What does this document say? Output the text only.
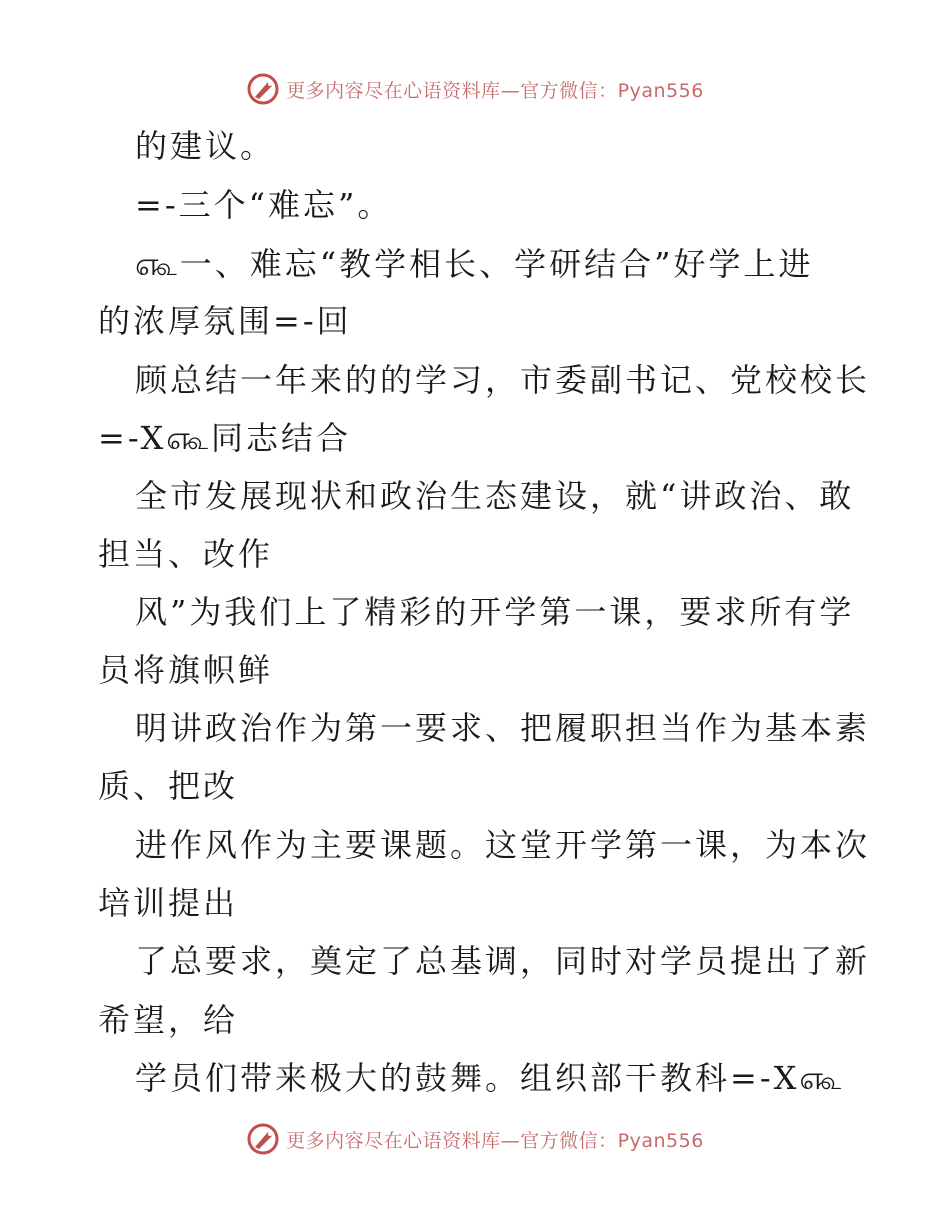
更多内容尽在心语资料库—官方微信：Pyan556
的建议。
=-三个“难忘”。
௷一、难忘“教学相长、学研结合”好学上进
的浓厚氛围=-回
顾总结一年来的的学习，市委副书记、党校校长
=-X௷同志结合
全市发展现状和政治生态建设，就“讲政治、敢
担当、改作
风”为我们上了精彩的开学第一课，要求所有学
员将旗帜鲜
明讲政治作为第一要求、把履职担当作为基本素
质、把改
进作风作为主要课题。这堂开学第一课，为本次
培训提出
了总要求，奠定了总基调，同时对学员提出了新
希望，给
学员们带来极大的鼓舞。组织部干教科=-X௷
更多内容尽在心语资料库—官方微信：Pyan556
